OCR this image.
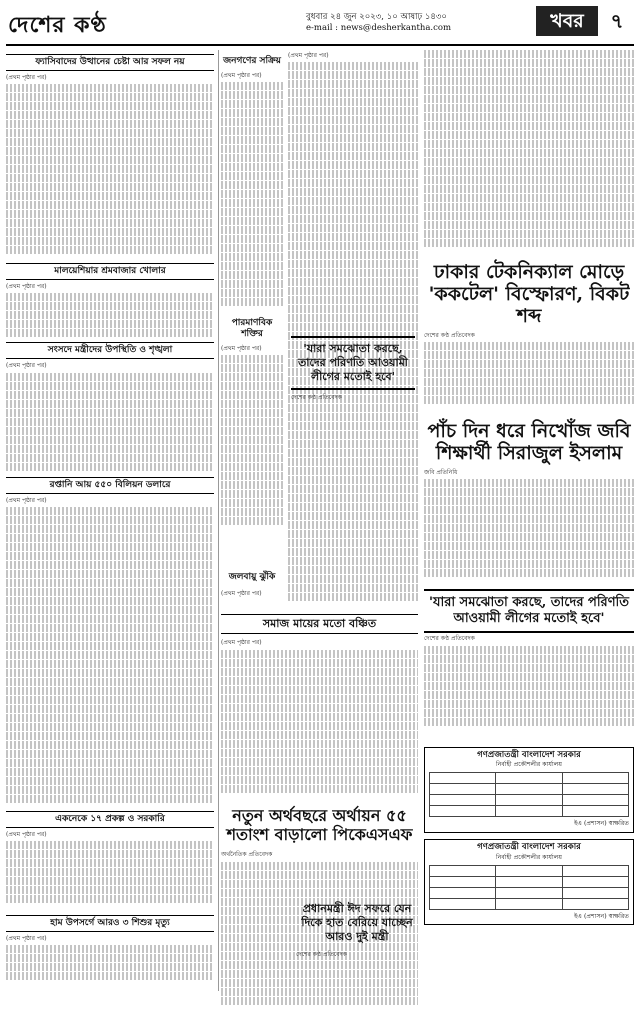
দেশের কণ্ঠ	বুধবার ২৪ জুন ২০২৩, ১০ আষাঢ় ১৪৩০
e-mail : news@desherkantha.com	খবর	৭
ফ্যাসিবাদের উত্থানের চেষ্টা আর সফল নয়
(প্রথম পৃষ্ঠার পর)
মালয়েশিয়ার শ্রমবাজার খোলার
(প্রথম পৃষ্ঠার পর)
সংসদে মন্ত্রীদের উপস্থিতি ও শৃঙ্খলা
(প্রথম পৃষ্ঠার পর)
রপ্তানি আয় ৫৫০ বিলিয়ন ডলারে
(প্রথম পৃষ্ঠার পর)
একনেকে ১৭ প্রকল্প ও সরকারি
(প্রথম পৃষ্ঠার পর)
হাম উপসর্গে আরও ৩ শিশুর মৃত্যু
(প্রথম পৃষ্ঠার পর)
জনগণের সক্রিয়
(প্রথম পৃষ্ঠার পর)
পারমাণবিক শক্তির
(প্রথম পৃষ্ঠার পর)
(প্রথম পৃষ্ঠার পর)
সমাজ মায়ের মতো বঞ্চিত
(প্রথম পৃষ্ঠার পর)
নতুন অর্থবছরে অর্থায়ন ৫৫ শতাংশ বাড়ালো পিকেএসএফ
অর্থনৈতিক প্রতিবেদক
ঢাকার টেকনিক্যাল মোড়ে 'ককটেল' বিস্ফোরণ, বিকট শব্দ
দেশের কণ্ঠ প্রতিবেদক
পাঁচ দিন ধরে নিখোঁজ জবি শিক্ষার্থী সিরাজুল ইসলাম
জবি প্রতিনিধি
'যারা সমঝোতা করছে, তাদের পরিণতি আওয়ামী লীগের মতোই হবে'
দেশের কণ্ঠ প্রতিবেদক
গণপ্রজাতন্ত্রী বাংলাদেশ সরকার
নির্বাহী প্রকৌশলীর কার্যালয়

ইএ (প্রশাসন) স্বাক্ষরিত
গণপ্রজাতন্ত্রী বাংলাদেশ সরকার
নির্বাহী প্রকৌশলীর কার্যালয়

ইএ (প্রশাসন) স্বাক্ষরিত
'যারা সমঝোতা করছে, তাদের পরিণতি আওয়ামী লীগের মতোই হবে'
দেশের কণ্ঠ প্রতিবেদক
প্রধানমন্ত্রী ঈদ সফরে যেন দিকে হাত বেরিয়ে যাচ্ছেন আরও দুই মন্ত্রী
দেশের কণ্ঠ প্রতিবেদক
জলবায়ু ঝুঁকি
(প্রথম পৃষ্ঠার পর)
